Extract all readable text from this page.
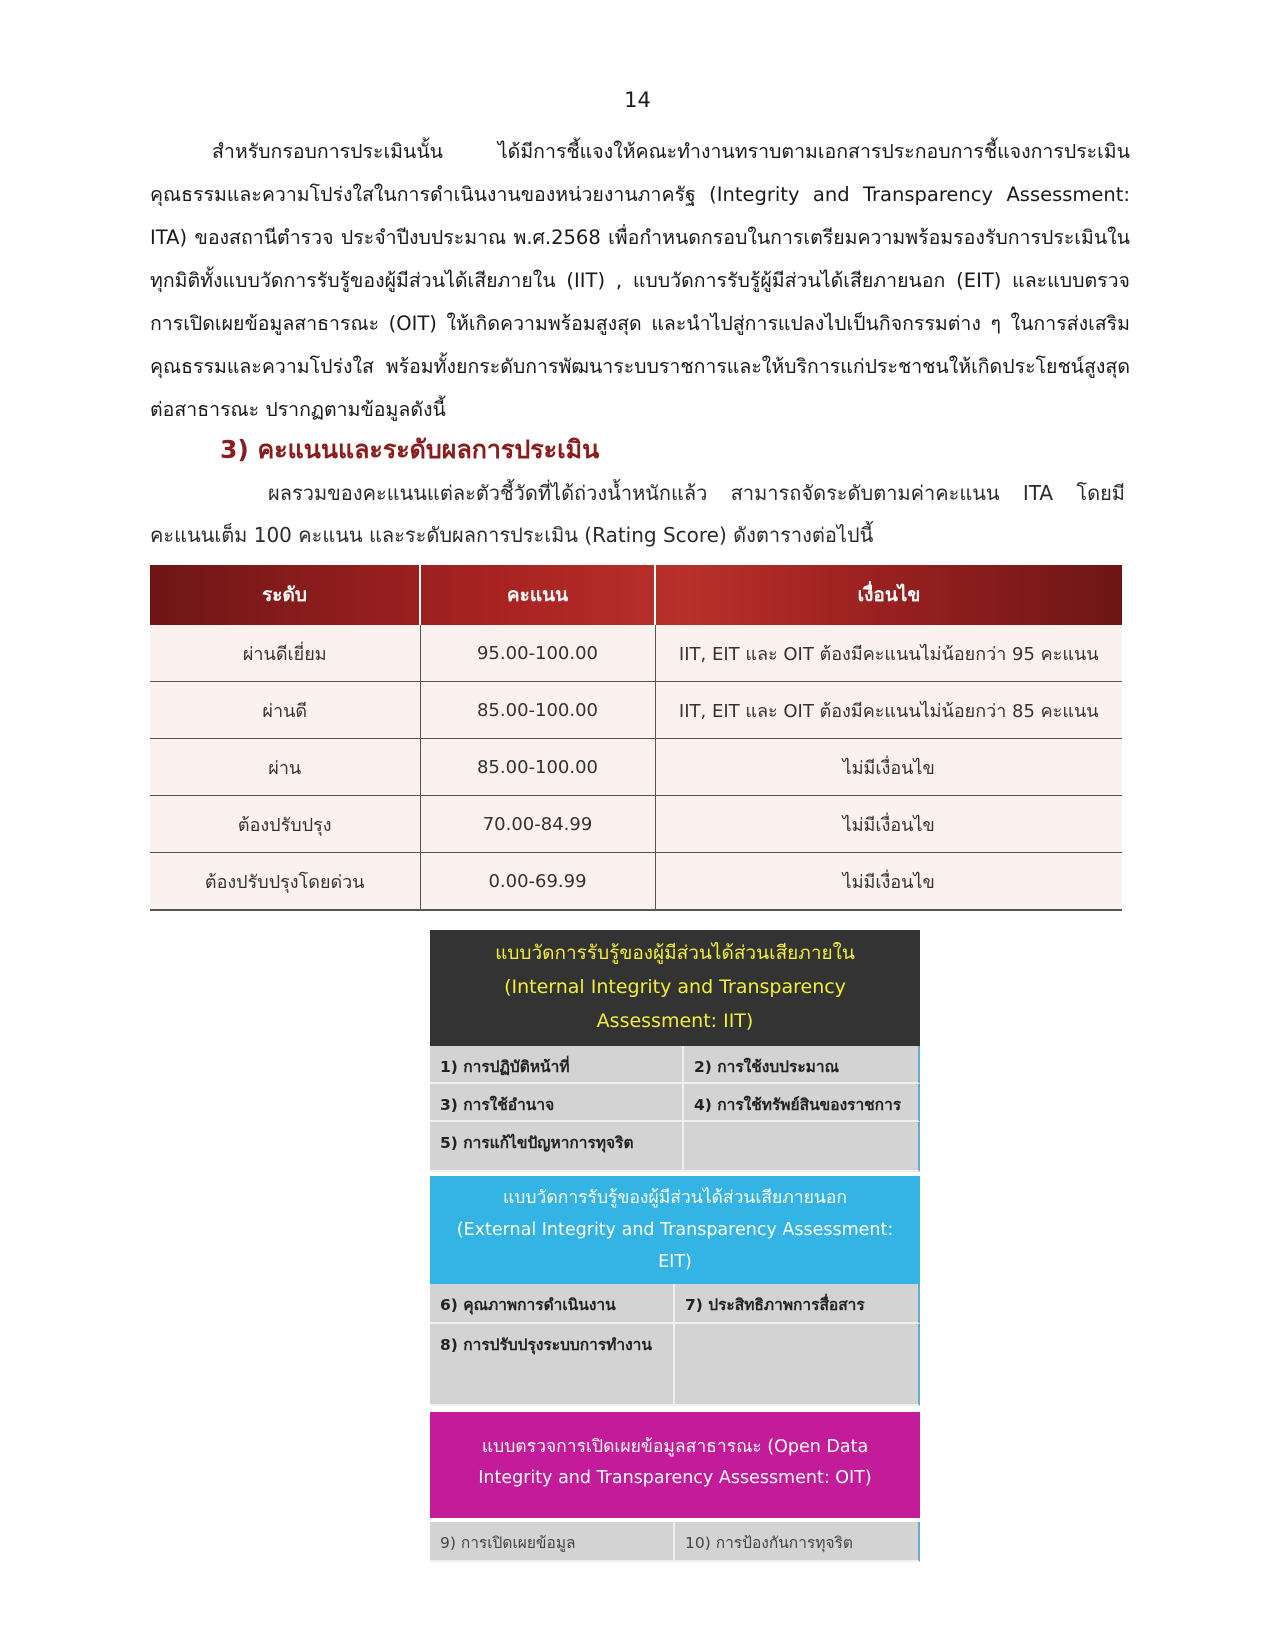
14

สำหรับกรอบการประเมินนั้น ได้มีการชี้แจงให้คณะทำงานทราบตามเอกสารประกอบการชี้แจงการประเมินคุณธรรมและความโปร่งใสในการดำเนินงานของหน่วยงานภาครัฐ (Integrity and Transparency Assessment: ITA) ของสถานีตำรวจ ประจำปีงบประมาณ พ.ศ.2568 เพื่อกำหนดกรอบในการเตรียมความพร้อมรองรับการประเมินในทุกมิติทั้งแบบวัดการรับรู้ของผู้มีส่วนได้เสียภายใน (IIT) , แบบวัดการรับรู้ผู้มีส่วนได้เสียภายนอก (EIT) และแบบตรวจการเปิดเผยข้อมูลสาธารณะ (OIT) ให้เกิดความพร้อมสูงสุด และนำไปสู่การแปลงไปเป็นกิจกรรมต่าง ๆ ในการส่งเสริมคุณธรรมและความโปร่งใส พร้อมทั้งยกระดับการพัฒนาระบบราชการและให้บริการแก่ประชาชนให้เกิดประโยชน์สูงสุดต่อสาธารณะ ปรากฏตามข้อมูลดังนี้

3) คะแนนและระดับผลการประเมิน

ผลรวมของคะแนนแต่ละตัวชี้วัดที่ได้ถ่วงน้ำหนักแล้ว สามารถจัดระดับตามค่าคะแนน ITA โดยมีคะแนนเต็ม 100 คะแนน และระดับผลการประเมิน (Rating Score) ดังตารางต่อไปนี้

ระดับ	คะแนน	เงื่อนไข
ผ่านดีเยี่ยม	95.00-100.00	IIT, EIT และ OIT ต้องมีคะแนนไม่น้อยกว่า 95 คะแนน
ผ่านดี	85.00-100.00	IIT, EIT และ OIT ต้องมีคะแนนไม่น้อยกว่า 85 คะแนน
ผ่าน	85.00-100.00	ไม่มีเงื่อนไข
ต้องปรับปรุง	70.00-84.99	ไม่มีเงื่อนไข
ต้องปรับปรุงโดยด่วน	0.00-69.99	ไม่มีเงื่อนไข
แบบวัดการรับรู้ของผู้มีส่วนได้ส่วนเสียภายใน
(Internal Integrity and Transparency Assessment: IIT)
1) การปฏิบัติหน้าที่	2) การใช้งบประมาณ
3) การใช้อำนาจ	4) การใช้ทรัพย์สินของราชการ
5) การแก้ไขปัญหาการทุจริต
แบบวัดการรับรู้ของผู้มีส่วนได้ส่วนเสียภายนอก
(External Integrity and Transparency Assessment: EIT)
6) คุณภาพการดำเนินงาน	7) ประสิทธิภาพการสื่อสาร
8) การปรับปรุงระบบการทำงาน
แบบตรวจการเปิดเผยข้อมูลสาธารณะ (Open Data Integrity and Transparency Assessment: OIT)
9) การเปิดเผยข้อมูล	10) การป้องกันการทุจริต
